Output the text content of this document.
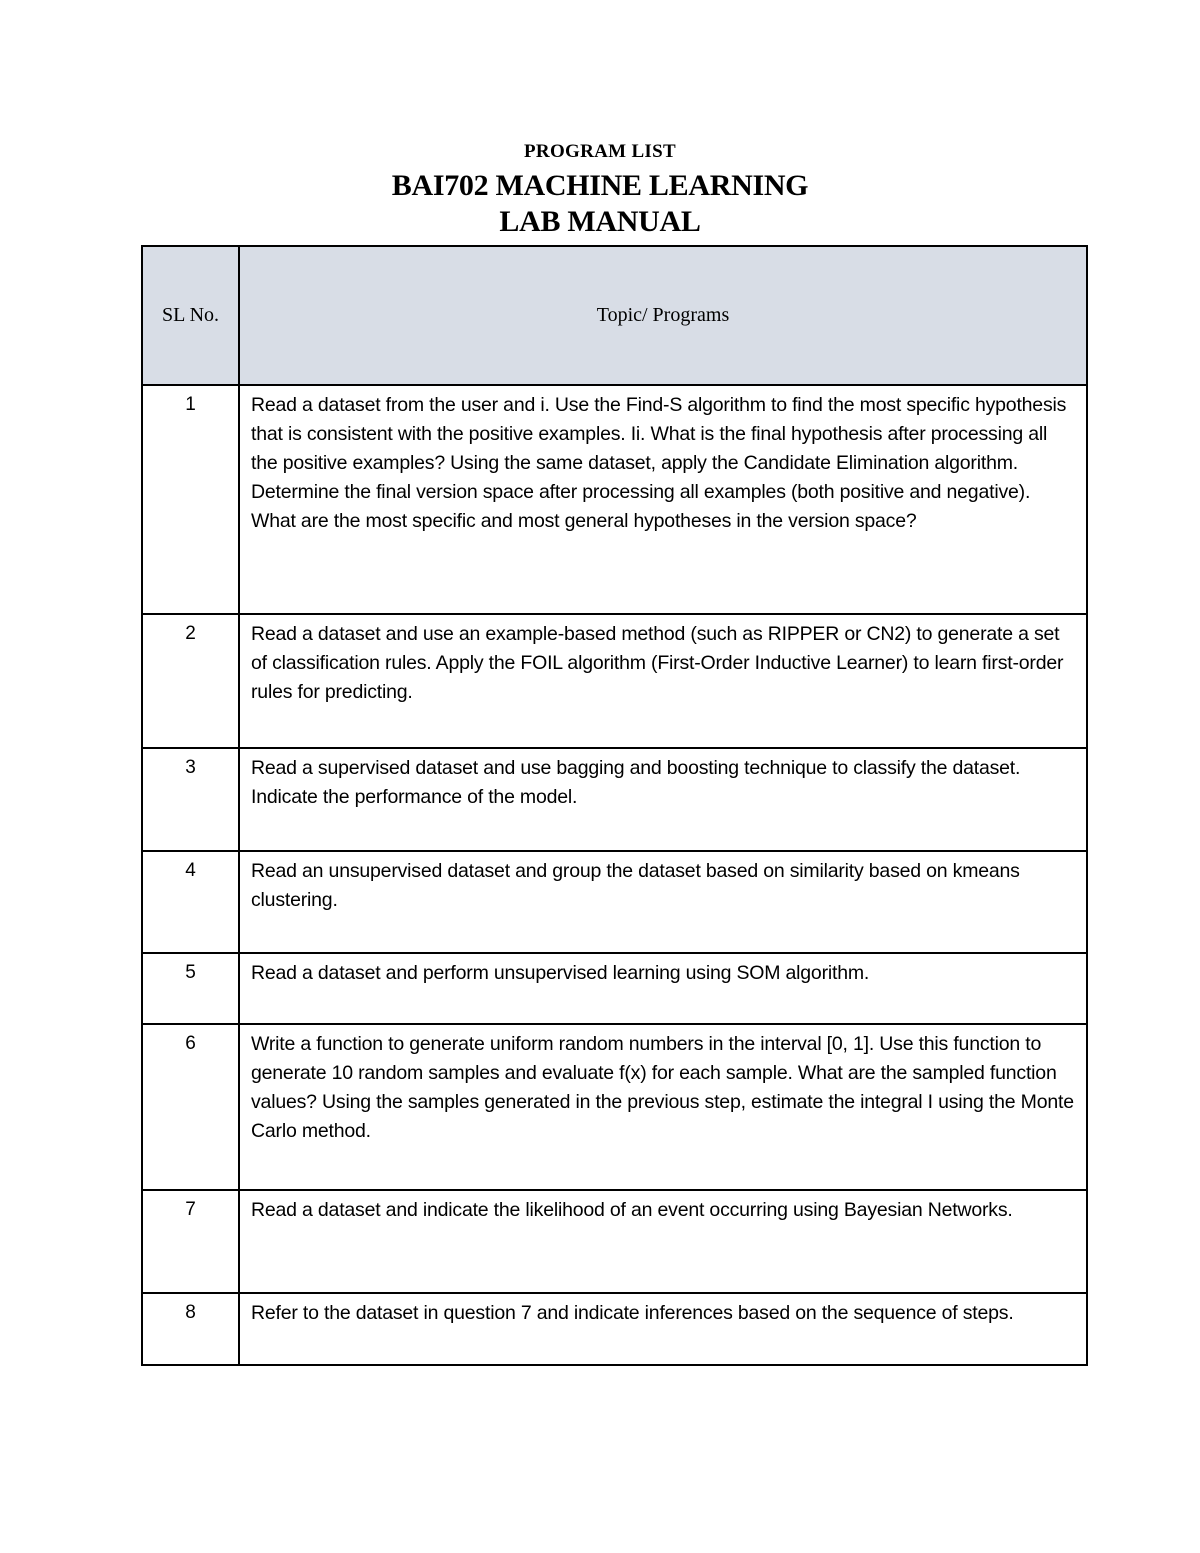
PROGRAM LIST
BAI702 MACHINE LEARNING
LAB MANUAL
SL No.	Topic/ Programs
1	Read a dataset from the user and i. Use the Find-S algorithm to find the most specific hypothesis that is consistent with the positive examples. Ii. What is the final hypothesis after processing all the positive examples? Using the same dataset, apply the Candidate Elimination algorithm. Determine the final version space after processing all examples (both positive and negative). What are the most specific and most general hypotheses in the version space?
2	Read a dataset and use an example-based method (such as RIPPER or CN2) to generate a set of classification rules. Apply the FOIL algorithm (First-Order Inductive Learner) to learn first-order rules for predicting.
3	Read a supervised dataset and use bagging and boosting technique to classify the dataset. Indicate the performance of the model.
4	Read an unsupervised dataset and group the dataset based on similarity based on kmeans clustering.
5	Read a dataset and perform unsupervised learning using SOM algorithm.
6	Write a function to generate uniform random numbers in the interval [0, 1]. Use this function to generate 10 random samples and evaluate f(x) for each sample. What are the sampled function values? Using the samples generated in the previous step, estimate the integral I using the Monte Carlo method.
7	Read a dataset and indicate the likelihood of an event occurring using Bayesian Networks.
8	Refer to the dataset in question 7 and indicate inferences based on the sequence of steps.
